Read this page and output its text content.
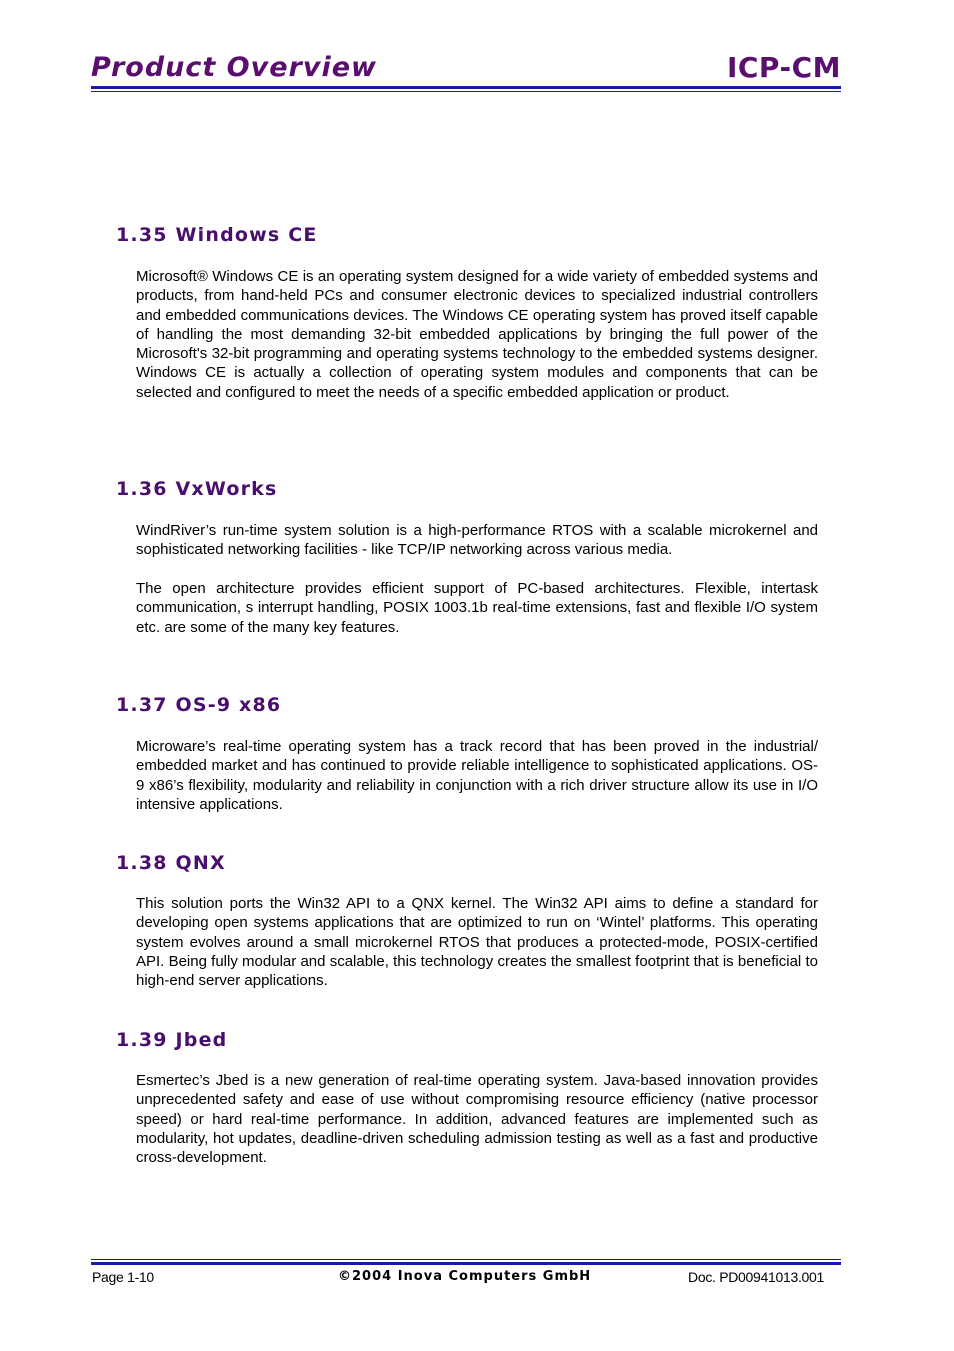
Product Overview	ICP-CM
1.35 Windows CE

Microsoft® Windows CE is an operating system designed for a wide variety of embedded systems and products, from hand-held PCs and consumer electronic devices to specialized industrial controllers and embedded communications devices. The Windows CE operating system has proved itself capable of handling the most demanding 32-bit embedded applications by bringing the full power of the Microsoft's 32-bit programming and operating systems technology to the embedded systems designer. Windows CE is actually a collection of operating system modules and components that can be selected and configured to meet the needs of a specific embedded application or product.

1.36 VxWorks

WindRiver’s run-time system solution is a high-performance RTOS with a scalable microkernel and sophisticated networking facilities - like TCP/IP networking across various media.

The open architecture provides efficient support of PC-based architectures. Flexible, intertask communication, s interrupt handling, POSIX 1003.1b real-time extensions, fast and flexible I/O system etc. are some of the many key features.

1.37 OS-9 x86

Microware’s real-time operating system has a track record that has been proved in the industrial/ embedded market and has continued to provide reliable intelligence to sophisticated applications. OS-9 x86’s flexibility, modularity and reliability in conjunction with a rich driver structure allow its use in I/O intensive applications.

1.38 QNX

This solution ports the Win32 API to a QNX kernel. The Win32 API aims to define a standard for developing open systems applications that are optimized to run on ‘Wintel’ platforms. This operating system evolves around a small microkernel RTOS that produces a protected-mode, POSIX-certified API. Being fully modular and scalable, this technology creates the smallest footprint that is beneficial to high-end server applications.

1.39 Jbed

Esmertec’s Jbed is a new generation of real-time operating system. Java-based innovation provides unprecedented safety and ease of use without compromising resource efficiency (native processor speed) or hard real-time performance. In addition, advanced features are implemented such as modularity, hot updates, deadline-driven scheduling admission testing as well as a fast and productive cross-development.

Page 1-10	©2004 Inova Computers GmbH	Doc. PD00941013.001
